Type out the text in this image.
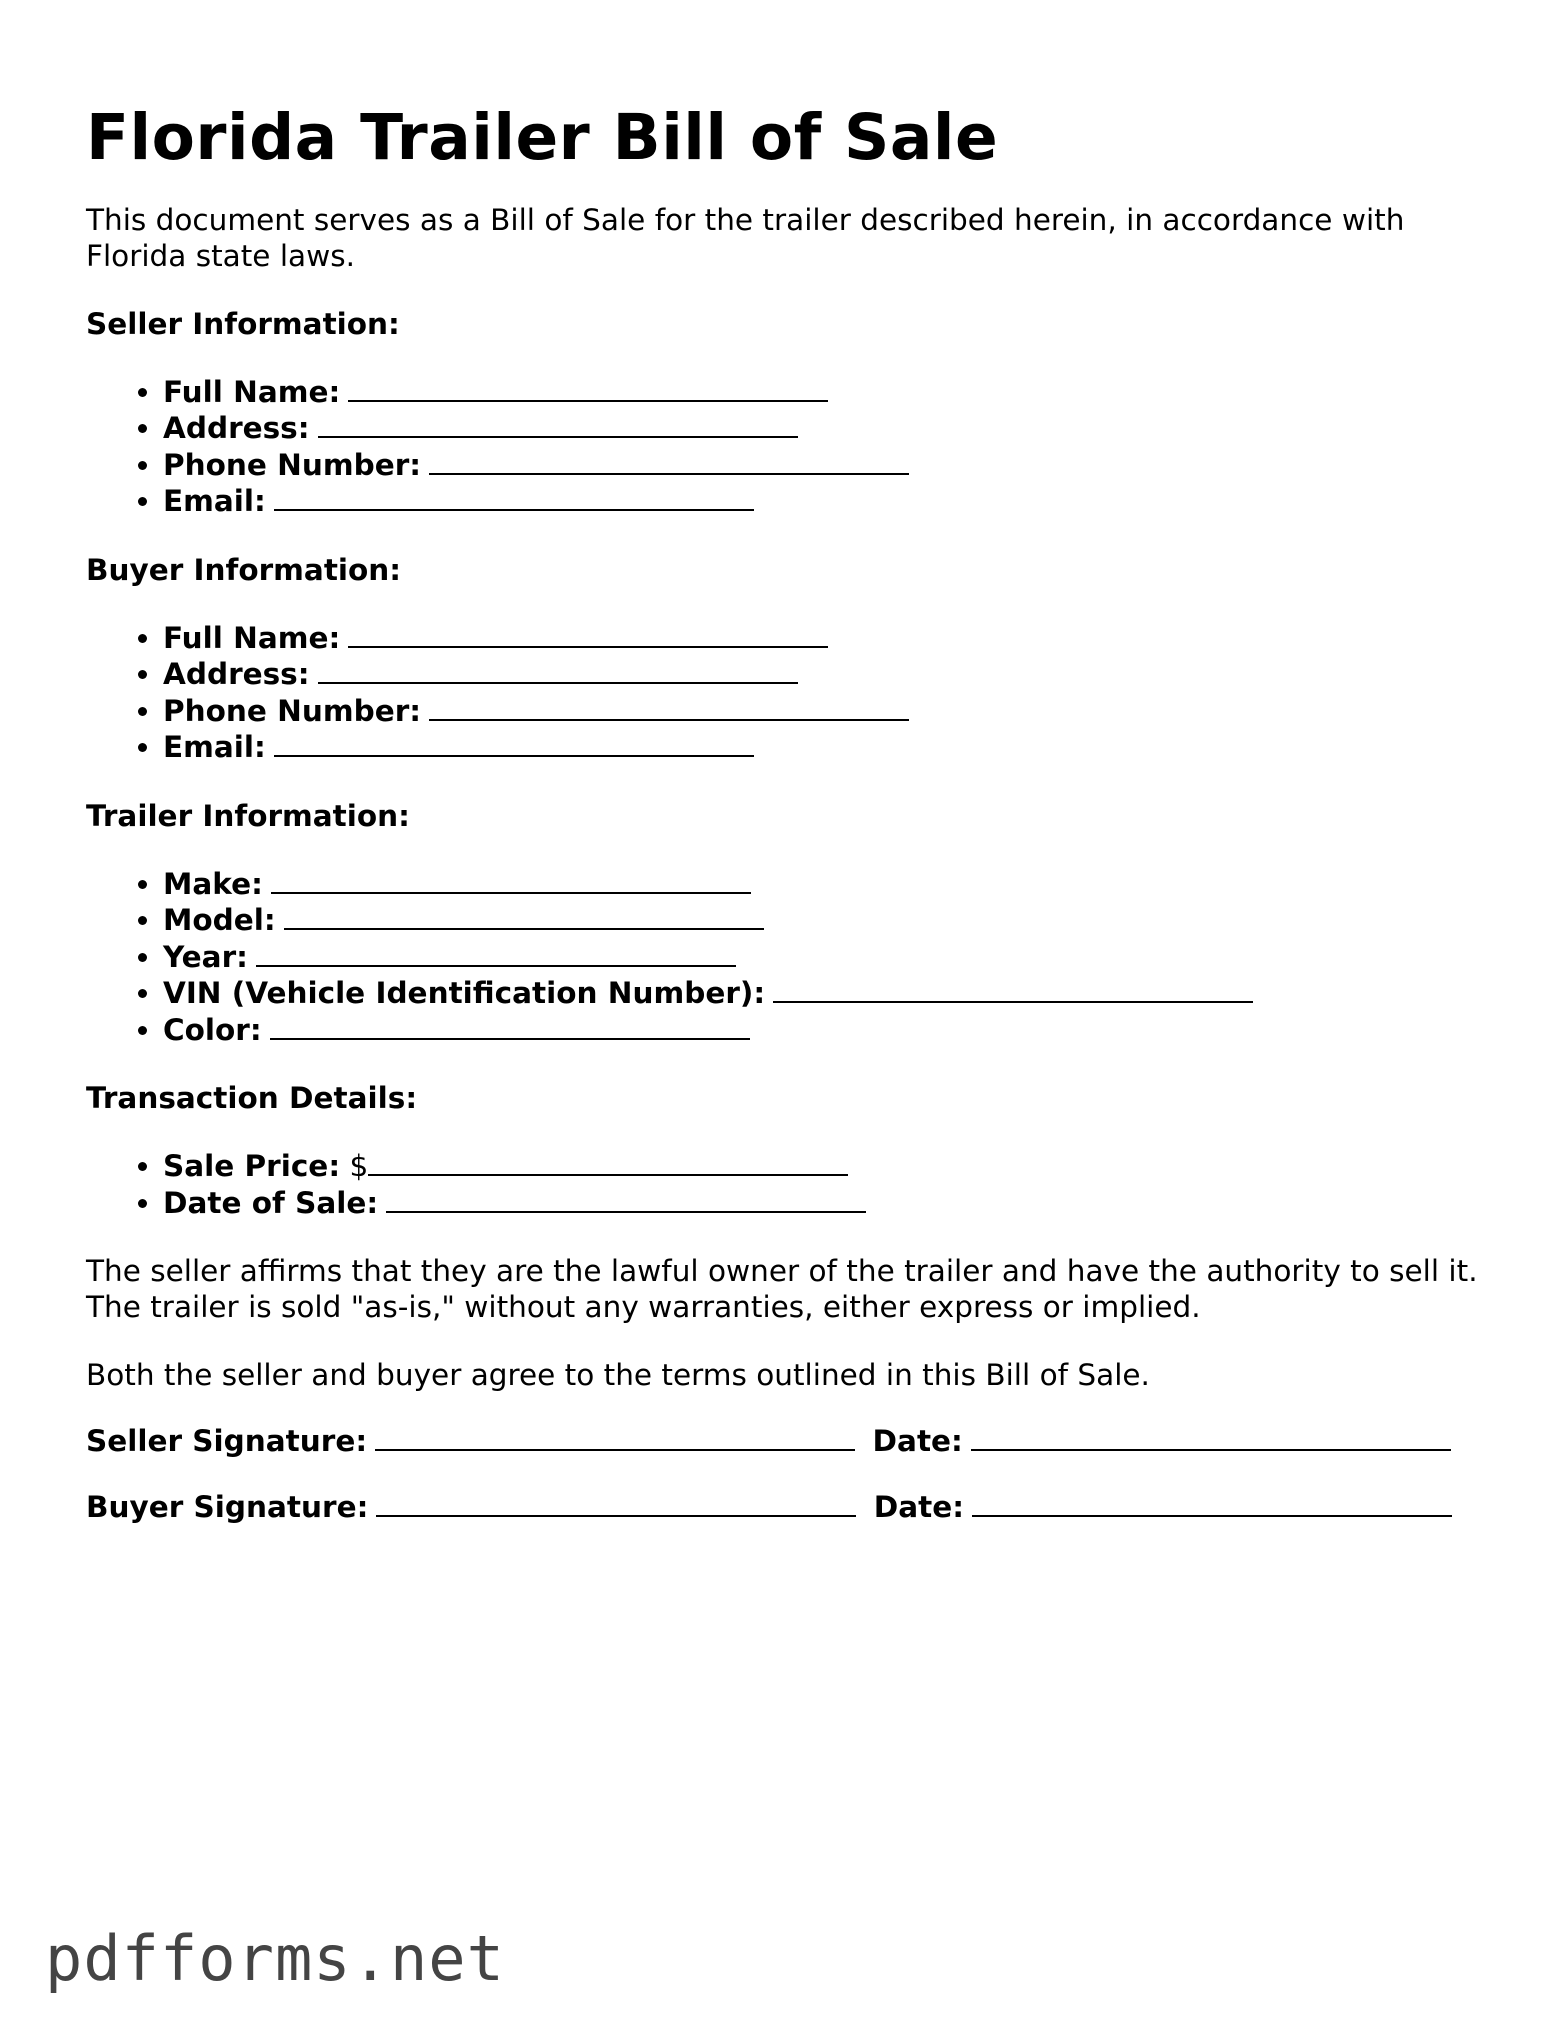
Florida Trailer Bill of Sale

This document serves as a Bill of Sale for the trailer described herein, in accordance with Florida state laws.

Seller Information:
• Full Name:
• Address:
• Phone Number:
• Email:
Buyer Information:
• Full Name:
• Address:
• Phone Number:
• Email:
Trailer Information:
• Make:
• Model:
• Year:
• VIN (Vehicle Identification Number):
• Color:
Transaction Details:
• Sale Price: $
• Date of Sale:

The seller affirms that they are the lawful owner of the trailer and have the authority to sell it. The trailer is sold "as-is," without any warranties, either express or implied.

Both the seller and buyer agree to the terms outlined in this Bill of Sale.

Seller Signature:	Date:
Buyer Signature:	Date:
pdfforms.net
